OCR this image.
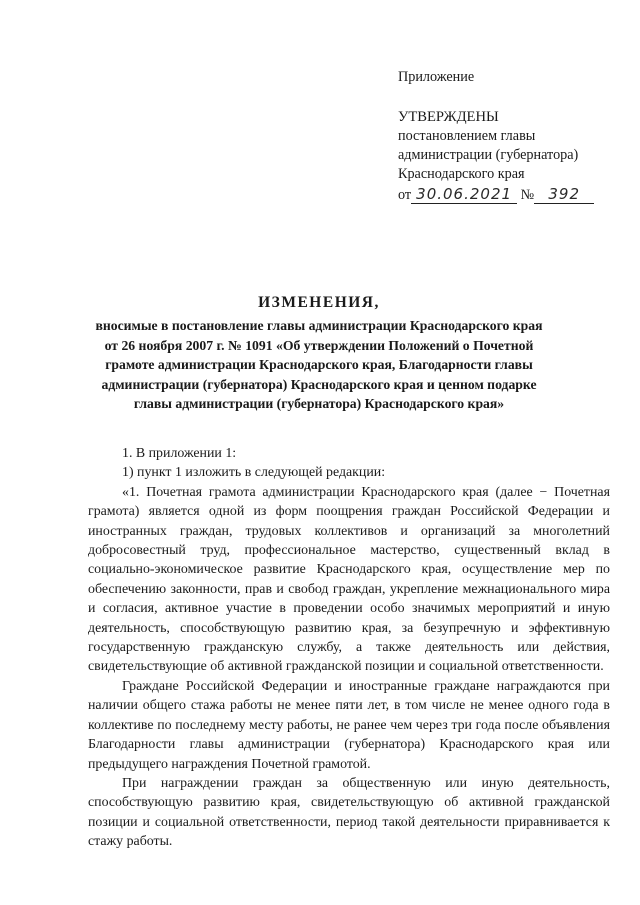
Приложение
УТВЕРЖДЕНЫ
постановлением главы
администрации (губернатора)
Краснодарского края
от 30.06.2021 № 392
ИЗМЕНЕНИЯ,
вносимые в постановление главы администрации Краснодарского края от 26 ноября 2007 г. № 1091 «Об утверждении Положений о Почетной грамоте администрации Краснодарского края, Благодарности главы администрации (губернатора) Краснодарского края и ценном подарке главы администрации (губернатора) Краснодарского края»

1. В приложении 1:

1) пункт 1 изложить в следующей редакции:

«1. Почетная грамота администрации Краснодарского края (далее − Почетная грамота) является одной из форм поощрения граждан Российской Федерации и иностранных граждан, трудовых коллективов и организаций за многолетний добросовестный труд, профессиональное мастерство, существенный вклад в социально-экономическое развитие Краснодарского края, осуществление мер по обеспечению законности, прав и свобод граждан, укрепление межнационального мира и согласия, активное участие в проведении особо значимых мероприятий и иную деятельность, способствующую развитию края, за безупречную и эффективную государственную гражданскую службу, а также деятельность или действия, свидетельствующие об активной гражданской позиции и социальной ответственности.

Граждане Российской Федерации и иностранные граждане награждаются при наличии общего стажа работы не менее пяти лет, в том числе не менее одного года в коллективе по последнему месту работы, не ранее чем через три года после объявления Благодарности главы администрации (губернатора) Краснодарского края или предыдущего награждения Почетной грамотой.

При награждении граждан за общественную или иную деятельность, способствующую развитию края, свидетельствующую об активной гражданской позиции и социальной ответственности, период такой деятельности приравнивается к стажу работы.
